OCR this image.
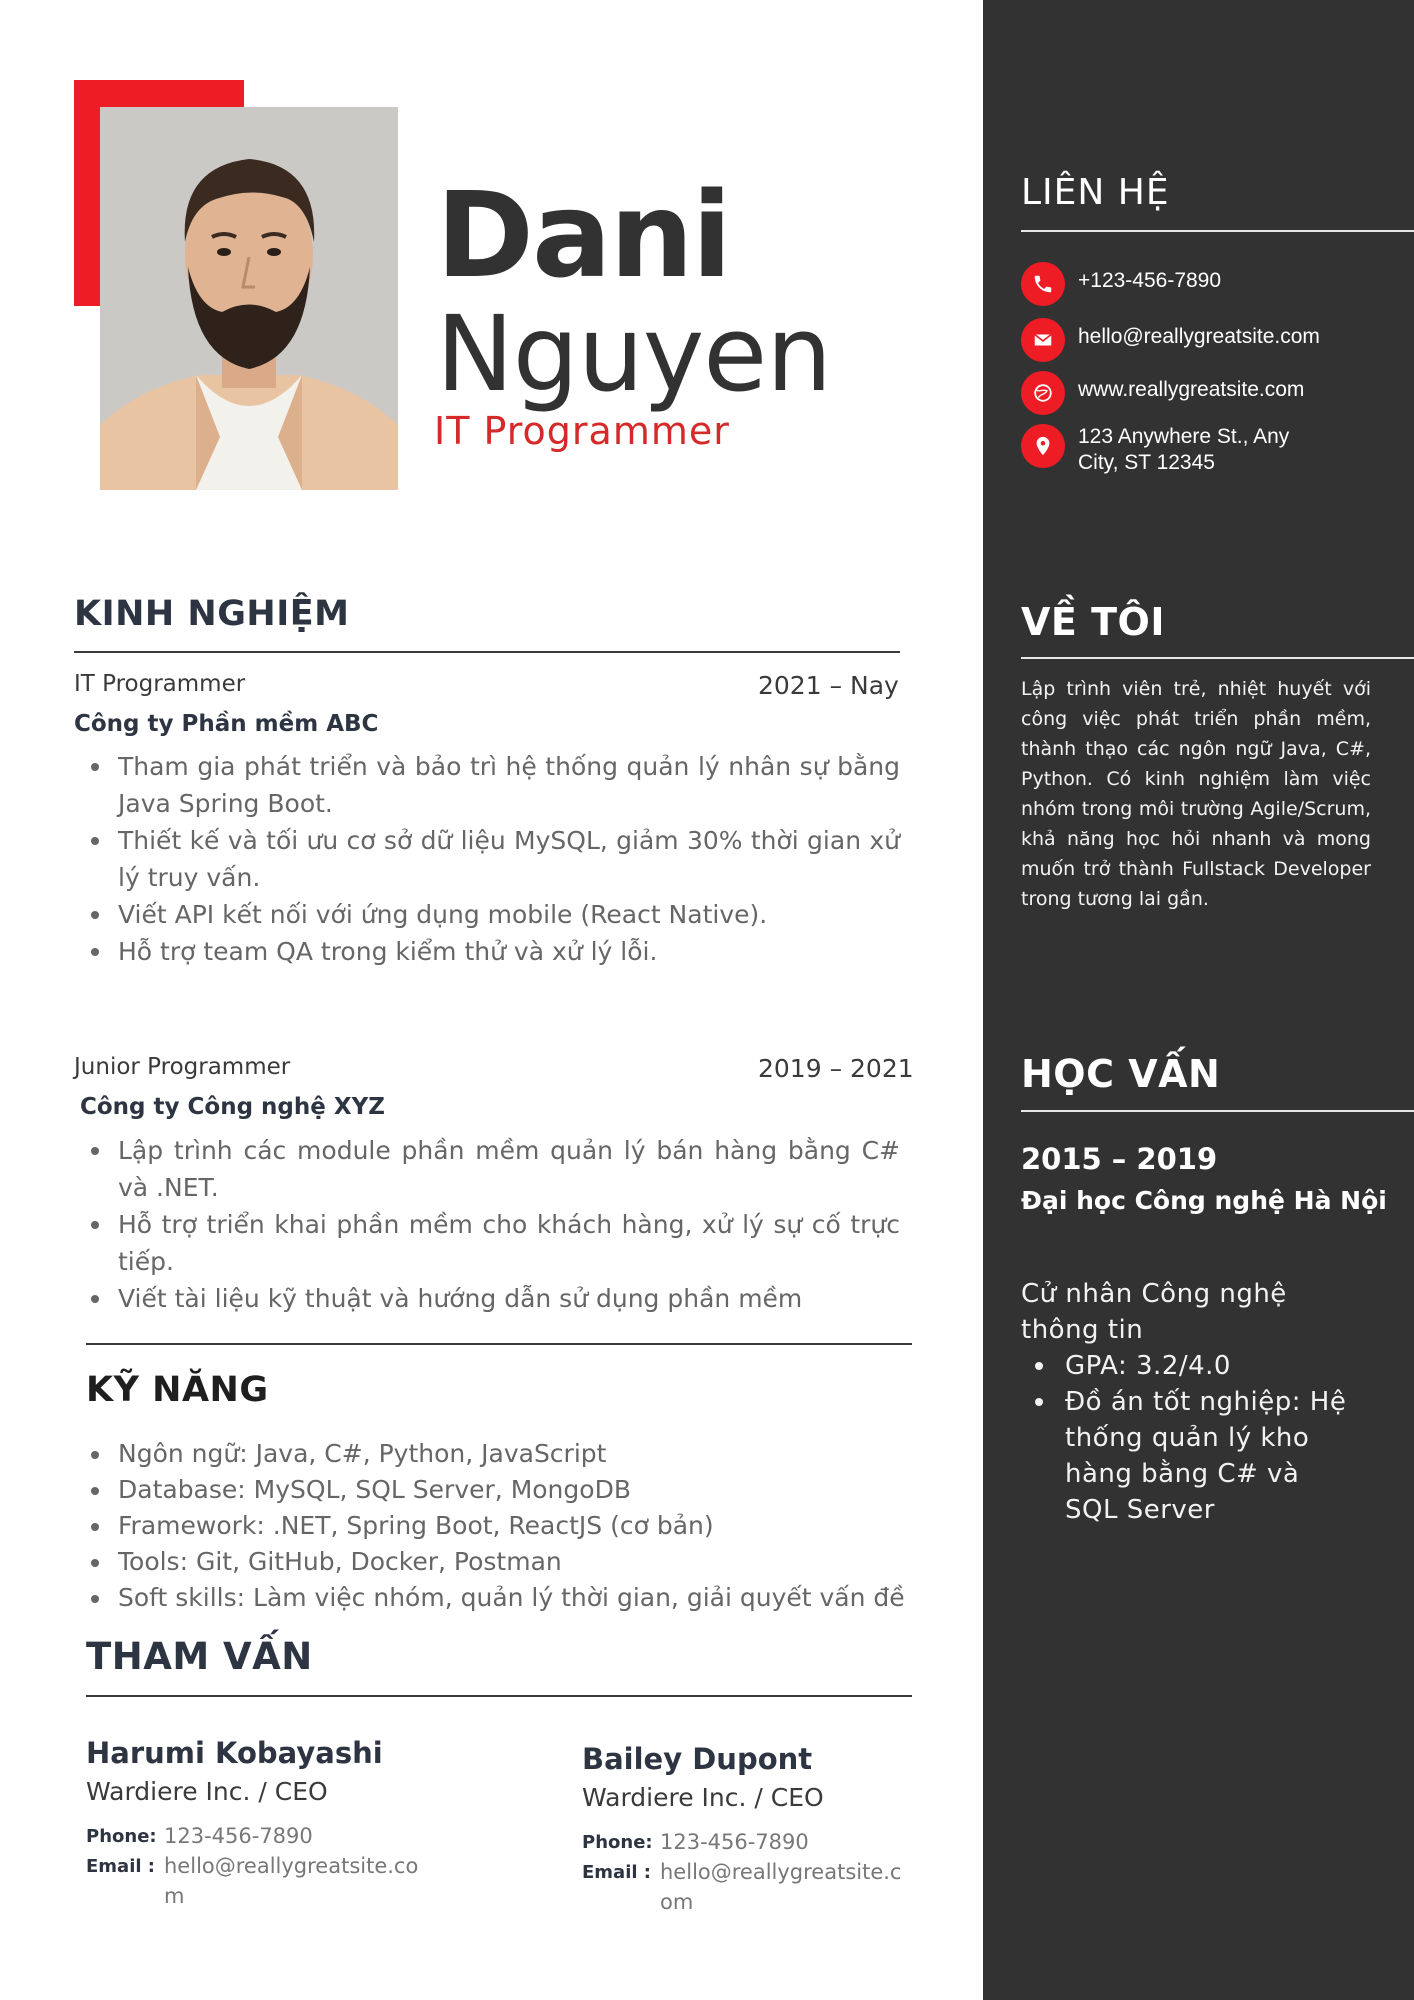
LIÊN HỆ
+123-456-7890
hello@reallygreatsite.com
www.reallygreatsite.com
123 Anywhere St., Any City, ST 12345
VỀ TÔI
Lập trình viên trẻ, nhiệt huyết với công việc phát triển phần mềm, thành thạo các ngôn ngữ Java, C#, Python. Có kinh nghiệm làm việc nhóm trong môi trường Agile/Scrum, khả năng học hỏi nhanh và mong muốn trở thành Fullstack Developer trong tương lai gần.
HỌC VẤN
2015 – 2019
Đại học Công nghệ Hà Nội
Cử nhân Công nghệ thông tin
GPA: 3.2/4.0
Đồ án tốt nghiệp: Hệ thống quản lý kho hàng bằng C# và SQL Server
Dani
Nguyen
IT Programmer
KINH NGHIỆM
IT Programmer	2021 – Nay
Công ty Phần mềm ABC
Tham gia phát triển và bảo trì hệ thống quản lý nhân sự bằng Java Spring Boot.
Thiết kế và tối ưu cơ sở dữ liệu MySQL, giảm 30% thời gian xử lý truy vấn.
Viết API kết nối với ứng dụng mobile (React Native).
Hỗ trợ team QA trong kiểm thử và xử lý lỗi.
Junior Programmer	2019 – 2021
Công ty Công nghệ XYZ
Lập trình các module phần mềm quản lý bán hàng bằng C# và .NET.
Hỗ trợ triển khai phần mềm cho khách hàng, xử lý sự cố trực tiếp.
Viết tài liệu kỹ thuật và hướng dẫn sử dụng phần mềm
KỸ NĂNG
Ngôn ngữ: Java, C#, Python, JavaScript
Database: MySQL, SQL Server, MongoDB
Framework: .NET, Spring Boot, ReactJS (cơ bản)
Tools: Git, GitHub, Docker, Postman
Soft skills: Làm việc nhóm, quản lý thời gian, giải quyết vấn đề
THAM VẤN
Harumi Kobayashi
Wardiere Inc. / CEO
Phone: 123-456-7890
Email : hello@reallygreatsite.com
Bailey Dupont
Wardiere Inc. / CEO
Phone: 123-456-7890
Email : hello@reallygreatsite.com
